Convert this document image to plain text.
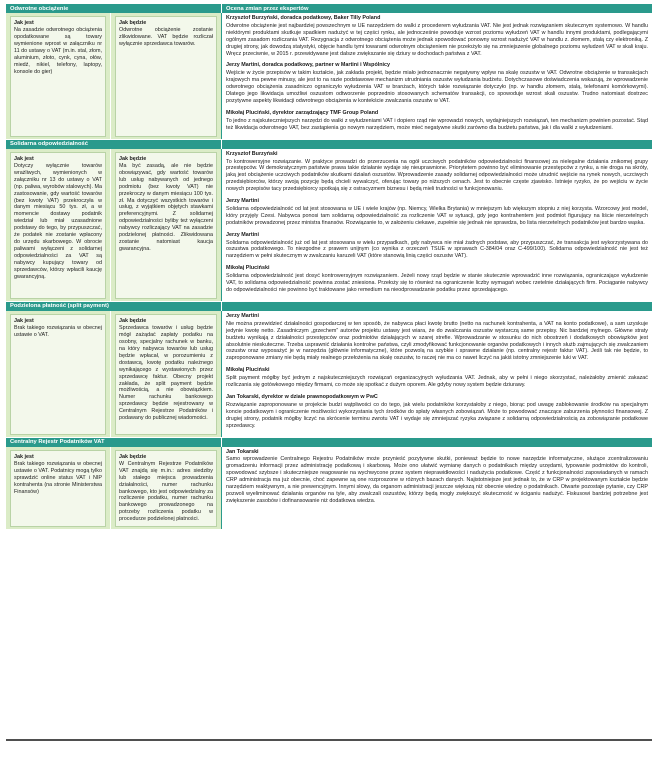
Odwrotne obciążenie	Ocena zmian przez ekspertów
Jak jest
Na zasadzie odwrotnego obciążenia opodatkowane są towary wymienione wprost w załączniku nr 11 do ustawy o VAT (m.in. stal, złom, aluminium, złoto, cynk, cyna, ołów, miedź, nikiel, telefony, laptopy, konsole do gier)
Jak będzie
Odwrotne obciążenie zostanie zlikwidowane. VAT będzie rozliczał wyłącznie sprzedawca towarów.
Krzysztof Burzyński, doradca podatkowy, Baker Tilly Poland
Odwrotne obciążenie jest najbardziej powszechnym w UE narzędziem do walki z procederem wyłudzania VAT. Nie jest jednak rozwiązaniem skutecznym systemowo. W handlu niektórymi produktami skutkuje spadkiem nadużyć w tej części rynku, ale jednocześnie powoduje wzrost poziomu wyłudzeń VAT w handlu innymi produktami, podlegającymi ogólnym zasadom rozliczania VAT. Rezygnacja z odwrotnego obciążenia może jednak spowodować ponowny wzrost nadużyć VAT w handlu z. złomem, stalą czy elektroniką. Z drugiej strony, jak dowodzą statystyki, objęcie handlu tymi towarami odwrotnym obciążeniem nie przełożyło się na zmniejszenie globalnego poziomu wyłudzeń VAT w skali kraju. Wręcz przeciwnie, w 2015 r. przewidywane jest dalsze zwiększanie się dziury w dochodach państwa z VAT.
Jerzy Martini, doradca podatkowy, partner w Martini i Wspólnicy
Wejście w życie przepisów w takim kształcie, jak zakłada projekt, będzie miało jednoznacznie negatywny wpływ na skalę oszustw w VAT. Odwrotne obciążenie w transakcjach krajowych ma pewne minusy, ale jest to na razie podstawowe mechanizm utrudniania oszustw wyłudzania budżetu. Dotychczasowe doświadczenia wskazują, że wprowadzenie odwrotnego obciążenia zasadniczo ograniczyło wyłudzenia VAT w branżach, których takie rozwiązanie dotyczyło (np. w handlu złomem, stalą, telefonami komórkowymi). Dlatego jego likwidacja umożliwi oszustom odtworzenie poprzednio stosowanych schematów transakcji, co spowoduje wzrost skali oszustw. Trudno natomiast dostrzec pozytywne aspekty likwidacji odwrotnego obciążenia w kontekście zwalczania oszustw w VAT.
Mikołaj Pluciński, dyrektor zarządzający TMF Group Poland
To jedno z najskuteczniejszych narzędzi do walki z wyłudzeniami VAT i dopiero rząd nie wprowadzi nowych, wydajniejszych rozwiązań, ten mechanizm powinien pozostać. Stąd też likwidacja odwrotnego VAT, bez zastąpienia go nowym narzędziem, może mieć negatywne skutki zarówno dla budżetu państwa, jak i dla walki z wyłudzeniami.
Solidarna odpowiedzialność
Jak jest
Dotyczy wyłącznie towarów wrażliwych, wymienionych w załączniku nr 13 do ustawy o VAT (np. paliwa, wyrobów stalowych). Ma zastosowanie, gdy wartość towarów (bez kwoty VAT) przekroczyła w danym miesiącu 50 tys. zł, a w momencie dostawy podatnik wiedział lub miał uzasadnione podstawy do tego, by przypuszczać, że podatek nie zostanie wpłacony do urzędu skarbowego. W obrocie paliwami wyłączeni z solidarnej odpowiedzialności za VAT są nabywcy kupujący towary od sprzedawców, którzy wpłacili kaucję gwarancyjną.
Jak będzie
Ma być zasadą, ale nie będzie obowiązywać, gdy wartość towarów lub usług nabywanych od jednego podmiotu (bez kwoty VAT) nie przekroczy w danym miesiącu 100 tys. zł. Ma dotyczyć wszystkich towarów i usług, z wyjątkiem objętych stawkami preferencyjnymi. Z solidarnej odpowiedzialności byliby też wyłączeni nabywcy rozliczający VAT na zasadzie podzielonej płatności. Zlikwidowana zostanie natomiast kaucja gwarancyjna.
Krzysztof Burzyński
To kontrowersyjne rozwiązanie. W praktyce prowadzi do przerzucenia na ogół uczciwych podatników odpowiedzialności finansowej za nielegalne działania znikomej grupy przestępców. W demokratycznym państwie prawa takie działanie wydaje się nieuprawnione. Priorytetem powinno być eliminowanie przestępców z rynku, a nie droga na skróty, jaką jest obciążenie uczciwych podatników skutkami działań oszustów. Wprowadzenie zasady solidarnej odpowiedzialności może utrudnić wejście na rynek nowych, uczciwych przedsiębiorców, którzy swoją pozycję będą chcieli wywalczyć, oferując towary po niższych cenach. Jest to obecnie częste zjawisko. Istnieje ryzyko, że po wejściu w życie nowych przepisów tacy przedsiębiorcy spotkają się z ostracyzmem biznesu i będą mieli trudności w funkcjonowaniu.
Jerzy Martini
Solidarna odpowiedzialność od lat jest stosowana w UE i wiele krajów (np. Niemcy, Wielka Brytania) w mniejszym lub większym stopniu z niej korzysta. Wzorcowy jest model, który przyjęły Czesi. Nabywca ponosi tam solidarną odpowiedzialność za rozliczenie VAT w sytuacji, gdy jego kontrahentem jest podmiot figurujący na liście nierzetelnych podatników prowadzonej przez ministra finansów. Rozwiązanie to, w założeniu ciekawe, zupełnie się jednak nie sprawdza, bo lista nierzetelnych podatników jest bardzo wąska.
Jerzy Martini
Solidarna odpowiedzialność już od lat jest stosowana w wielu przypadkach, gdy nabywca nie miał żadnych podstaw, aby przypuszczać, że transakcja jest wykorzystywana do oszustwa podatkowego. To niezgodne z prawem unijnym (co wynika z orzeczeń TSUE w sprawach C-384/04 oraz C-499/100). Solidarna odpowiedzialność nie jest też narzędziem w pełni skutecznym w zwalczaniu karuzeli VAT (które stanowią linią części oszustw VAT).
Mikołaj Pluciński
Solidarna odpowiedzialność jest dosyć kontrowersyjnym rozwiązaniem. Jeżeli nowy rząd będzie w stanie skutecznie wprowadzić inne rozwiązania, ograniczające wyłudzenie VAT, to solidarna odpowiedzialność powinna zostać zniesiona. Przełoży się to również na ograniczenie liczby wymagań wobec rzetelnie działających firm. Pociąganie nabywcy do odpowiedzialności nie powinno być traktowane jako remedium na nieodprowadzanie podatku przez sprzedającego.
Podzielona płatność (split payment)
Jak jest
Brak takiego rozwiązania w obecnej ustawie o VAT.
Jak będzie
Sprzedawca towarów i usług będzie mógł zażądać zapłaty podatku na osobny, specjalny rachunek w banku, na który nabywca towarów lub usług będzie wpłacał, w porozumieniu z dostawcą, kwotę podatku należnego wynikającego z wystawionych przez sprzedawcę faktur. Obecny projekt zakłada, że split payment będzie możliwością, a nie obowiązkiem. Numer rachunku bankowego sprzedawcy będzie rejestrowany w Centralnym Rejestrze Podatników i podawany do publicznej wiadomości.
Jerzy Martini
Nie można przewidzieć działalności gospodarczej w ten sposób, że nabywca płaci kwotę brutto (netto na rachunek kontrahenta, a VAT na konto podatkowe), a sam uzyskuje jedynie kwotę netto. Zasadniczym „grzechem” autorów projektu ustawy jest wiara, że do zwalczania oszustw wystarczą same przepisy. Nic bardziej mylnego. Główne straty budżetu wynikają z działalności przestępców oraz podmiotów działających w szarej strefie. Wprowadzanie w stosunku do nich obostrzeń i dodatkowych obowiązków jest absolutnie nieskuteczne. Trzeba usprawnić działania kontrolne państwa, czyli zmodyfikować funkcjonowanie organów podatkowych i innych służb zajmujących się zwalczaniem oszustw oraz wyposażyć je w narzędzia (głównie informatyczne), które pozwolą na szybkie i sprawne działanie (np. centralny rejestr faktur VAT). Jeśli tak nie będzie, to zaproponowane zmiany nie będą miały realnego przełożenia na skalę oszustw, to raczej nie ma co nawet liczyć na jakiś istotny zmniejszenie luki w VAT.
Mikołaj Pluciński
Split payment mógłby być jednym z najskuteczniejszych rozwiązań organizacyjnych wyłudzania VAT. Jednak, aby w pełni i niego skorzystać, należałoby zmienić zakazać rozliczania się gotówkowego między firmami, co może się spotkać z dużym oporem. Ale gdyby nowy system będzie dziurawy.
Jan Tokarski, dyrektor w dziale prawnopodatkowym w PwC
Rozwiązanie zaproponowane w projekcie budzi wątpliwości co do tego, jak wielu podatników korzystałoby z niego, biorąc pod uwagę zablokowanie środków na specjalnym koncie podatkowym i ograniczenie możliwości wykorzystania tych środków do spłaty własnych zobowiązań. Może to powodować znaczące zaburzenia płynności finansowej. Z drugiej strony, podatnik mógłby liczyć na skrócenie terminu zwrotu VAT i wydaje się zmniejszać ryzyka związane z solidarną odpowiedzialnością za zobowiązanie podatkowe sprzedawcy.
Centralny Rejestr Podatników VAT
Jak jest
Brak takiego rozwiązania w obecnej ustawie o VAT. Podatnicy mogą tylko sprawdzić online status VAT i NIP kontrahenta (na stronie Ministerstwa Finansów)
Jak będzie
W Centralnym Rejestrze Podatników VAT znajdą się m.in.: adres siedziby lub stałego miejsca prowadzenia działalności, numer rachunku bankowego, kto jest odpowiedzialny za rozliczenie podatku, numer rachunku bankowego prowadzonego na potrzeby rozliczenia podatku w procedurze podzielonej płatności.
Jan Tokarski
Samo wprowadzenie Centralnego Rejestru Podatników może przynieść pozytywne skutki, ponieważ będzie to nowe narzędzie informatyczne, służące zcentralizowaniu gromadzeniu informacji przez administrację podatkową i skarbową. Może ono ułatwić wymianę danych o podatnikach między urzędami, typowanie podmiotów do kontroli, spowodować szybsze i skuteczniejsze reagowanie na wychwycone przez system nieprawidłowości i nadużycia podatkowe. Część z funkcjonalności zapowiadanych w ramach CRP administracja ma już obecnie, choć zapewne są one rozproszone w różnych bazach danych. Najistotniejsze jest jednak to, że w CRP w projektowanym kształcie będzie narzędziem reaktywnym, a nie prewencyjnym. Innymi słowy, da organom administracji jeszcze większą niż obecnie wiedzę o podatnikach. Otwarte pozostaje pytanie, czy CRP pozwoli wyeliminować działania organów na tyle, aby zwalczali oszustów, którzy będą mogły zwiększyć skuteczność w ściganiu nadużyć. Fiskusowi bardziej potrzebne jest zwiększenie zasobów i dofinansowanie niż dodatkowa wiedza.
